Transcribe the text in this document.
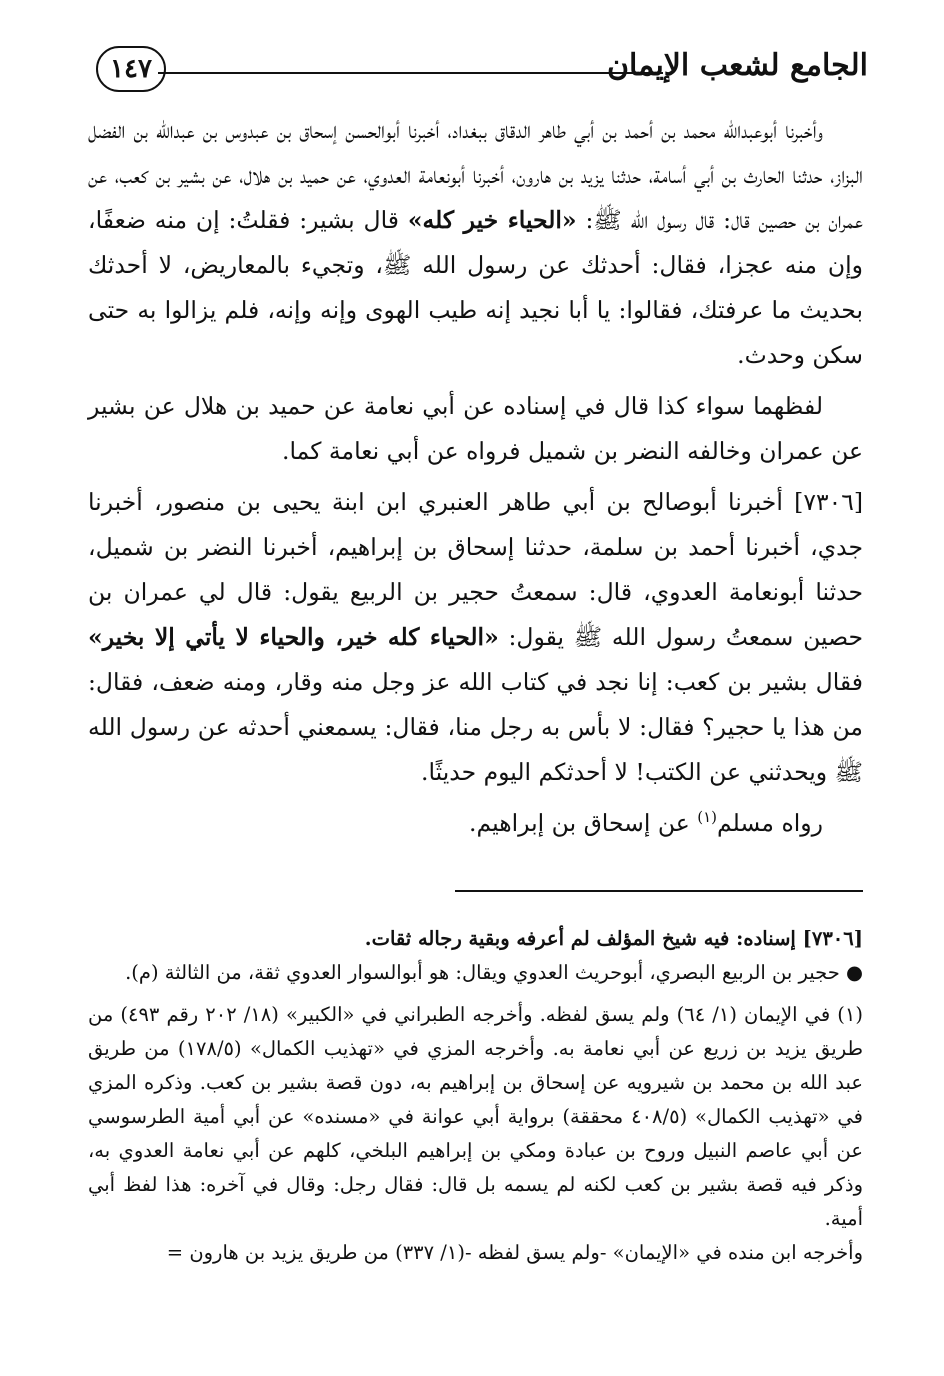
الجامع لشعب الإيمان
١٤٧

وأخبرنا أبوعبدالله محمد بن أحمد بن أبي طاهر الدقاق ببغداد، أخبرنا أبوالحسن إسحاق بن عبدوس بن عبدالله بن الفضل البزاز، حدثنا الحارث بن أبي أسامة، حدثنا يزيد بن هارون، أخبرنا أبونعامة العدوي، عن حميد بن هلال، عن بشير بن كعب، عن عمران بن حصين قال: قال رسول الله ﷺ: «الحياء خير كله» قال بشير: فقلتُ: إن منه ضعفًا، وإن منه عجزا، فقال: أحدثك عن رسول الله ﷺ، وتجيء بالمعاريض، لا أحدثك بحديث ما عرفتك، فقالوا: يا أبا نجيد إنه طيب الهوى وإنه وإنه، فلم يزالوا به حتى سكن وحدث.

لفظهما سواء كذا قال في إسناده عن أبي نعامة عن حميد بن هلال عن بشير عن عمران وخالفه النضر بن شميل فرواه عن أبي نعامة كما.

[٧٣٠٦] أخبرنا أبوصالح بن أبي طاهر العنبري ابن ابنة يحيى بن منصور، أخبرنا جدي، أخبرنا أحمد بن سلمة، حدثنا إسحاق بن إبراهيم، أخبرنا النضر بن شميل، حدثنا أبونعامة العدوي، قال: سمعتُ حجير بن الربيع يقول: قال لي عمران بن حصين سمعتُ رسول الله ﷺ يقول: «الحياء كله خير، والحياء لا يأتي إلا بخير» فقال بشير بن كعب: إنا نجد في كتاب الله عز وجل منه وقار، ومنه ضعف، فقال: من هذا يا حجير؟ فقال: لا بأس به رجل منا، فقال: يسمعني أحدثه عن رسول الله ﷺ ويحدثني عن الكتب! لا أحدثكم اليوم حديثًا.

رواه مسلم$^{(١)}$ عن إسحاق بن إبراهيم.

[٧٣٠٦] إسناده: فيه شيخ المؤلف لم أعرفه وبقية رجاله ثقات.

● حجير بن الربيع البصري، أبوحريث العدوي ويقال: هو أبوالسوار العدوي ثقة، من الثالثة (م).

(١) في الإيمان (١/ ٦٤) ولم يسق لفظه. وأخرجه الطبراني في «الكبير» (١٨/ ٢٠٢ رقم ٤٩٣) من طريق يزيد بن زريع عن أبي نعامة به. وأخرجه المزي في «تهذيب الكمال» (١٧٨/٥) من طريق عبد الله بن محمد بن شيرويه عن إسحاق بن إبراهيم به، دون قصة بشير بن كعب. وذكره المزي في «تهذيب الكمال» (٤٠٨/٥ محققة) برواية أبي عوانة في «مسنده» عن أبي أمية الطرسوسي عن أبي عاصم النبيل وروح بن عبادة ومكي بن إبراهيم البلخي، كلهم عن أبي نعامة العدوي به، وذكر فيه قصة بشير بن كعب لكنه لم يسمه بل قال: فقال رجل: وقال في آخره: هذا لفظ أبي أمية.

وأخرجه ابن منده في «الإيمان» -ولم يسق لفظه -(١/ ٣٣٧) من طريق يزيد بن هارون =
